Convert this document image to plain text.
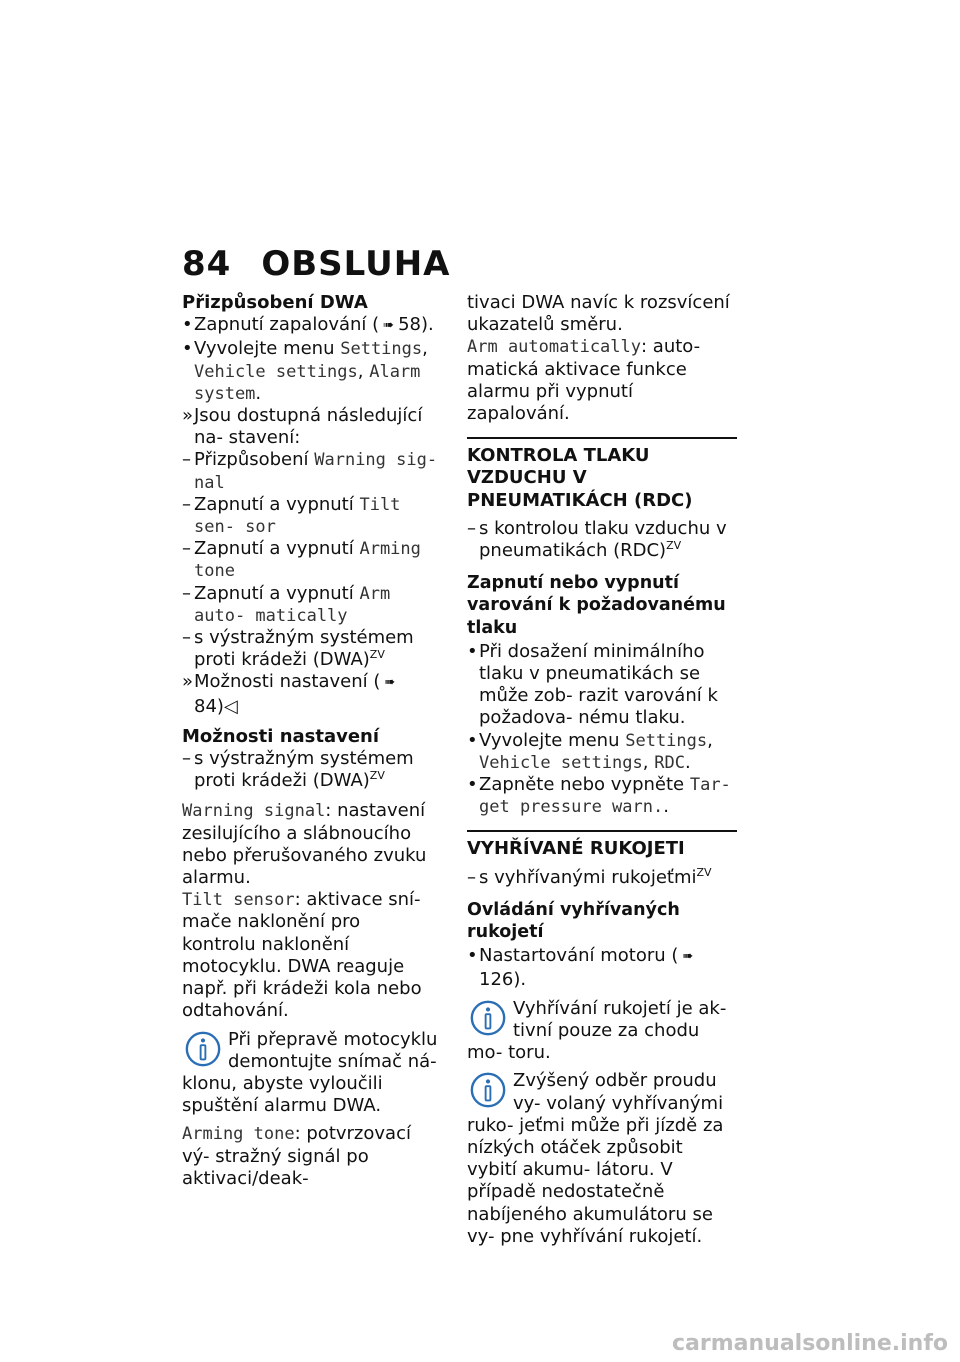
84 OBSLUHA

Přizpůsobení DWA

• Zapnutí zapalování ( ➠ 58).

• Vyvolejte menu Settings, Vehicle settings, Alarm system.

» Jsou dostupná následující na- stavení:

– Přizpůsobení Warning sig- nal

– Zapnutí a vypnutí Tilt sen- sor

– Zapnutí a vypnutí Arming tone

– Zapnutí a vypnutí Arm auto- matically

– s výstražným systémem proti krádeži (DWA)$^{ZV}$

» Možnosti nastavení ( ➠84)◁

Možnosti nastavení

– s výstražným systémem proti krádeži (DWA)$^{ZV}$

Warning signal: nastavení zesilujícího a slábnoucího nebo přerušovaného zvuku alarmu.

Tilt sensor: aktivace sní- mače naklonění pro kontrolu naklonění motocyklu. DWA reaguje např. při krádeži kola nebo odtahování.

Při přepravě motocyklu demontujte snímač ná- klonu, abyste vyloučili spuštění alarmu DWA.

Arming tone: potvrzovací vý- stražný signál po aktivaci/deak-

tivaci DWA navíc k rozsvícení ukazatelů směru.

Arm automatically: auto- matická aktivace funkce alarmu při vypnutí zapalování.

KONTROLA TLAKU VZDUCHU V PNEUMATIKÁCH (RDC)

– s kontrolou tlaku vzduchu v pneumatikách (RDC)$^{ZV}$

Zapnutí nebo vypnutí varování k požadovanému tlaku

• Při dosažení minimálního tlaku v pneumatikách se může zob- razit varování k požadova- nému tlaku.

• Vyvolejte menu Settings, Vehicle settings, RDC.

• Zapněte nebo vypněte Tar- get pressure warn..

VYHŘÍVANÉ RUKOJETI

– s vyhřívanými rukojeťmi$^{ZV}$

Ovládání vyhřívaných rukojetí

• Nastartování motoru ( ➠126).

Vyhřívání rukojetí je ak- tivní pouze za chodu mo- toru.
Zvýšený odběr proudu vy- volaný vyhřívanými ruko- jeťmi může při jízdě za nízkých otáček způsobit vybití akumu- látoru. V případě nedostatečně nabíjeného akumulátoru se vy- pne vyhřívání rukojetí.
carmanualsonline.info
